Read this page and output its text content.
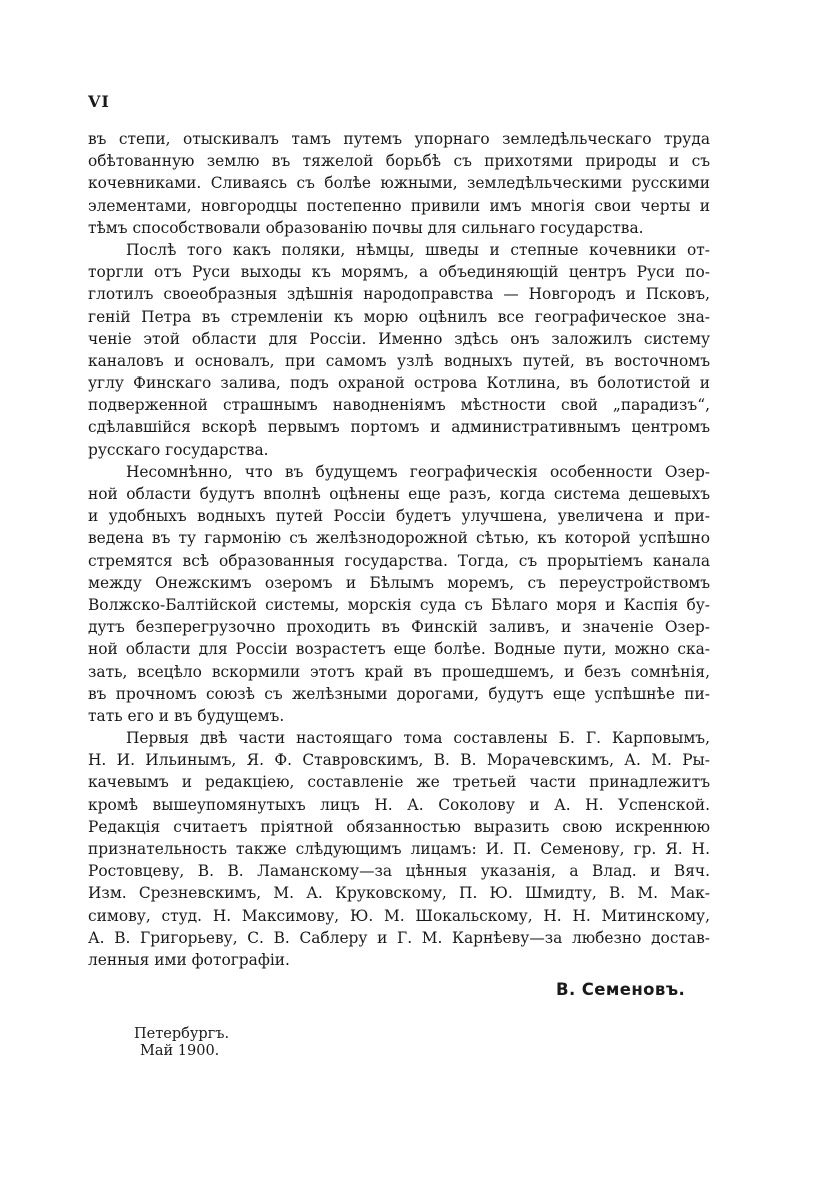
VI
въ степи, отыскивалъ тамъ путемъ упорнаго земледѣльческаго труда
обѣтованную землю въ тяжелой борьбѣ съ прихотями природы и съ
кочевниками. Сливаясь съ болѣе южными, земледѣльческими русскими
элементами, новгородцы постепенно привили имъ многія свои черты и
тѣмъ способствовали образованію почвы для сильнаго государства.
Послѣ того какъ поляки, нѣмцы, шведы и степные кочевники от-
торгли отъ Руси выходы къ морямъ, а объединяющій центръ Руси по-
глотилъ своеобразныя здѣшнія народоправства — Новгородъ и Псковъ,
геній Петра въ стремленіи къ морю оцѣнилъ все географическое зна-
ченіе этой области для Россіи. Именно здѣсь онъ заложилъ систему
каналовъ и основалъ, при самомъ узлѣ водныхъ путей, въ восточномъ
углу Финскаго залива, подъ охраной острова Котлина, въ болотистой и
подверженной страшнымъ наводненіямъ мѣстности свой „парадизъ“,
сдѣлавшійся вскорѣ первымъ портомъ и административнымъ центромъ
русскаго государства.
Несомнѣнно, что въ будущемъ географическія особенности Озер-
ной области будутъ вполнѣ оцѣнены еще разъ, когда система дешевыхъ
и удобныхъ водныхъ путей Россіи будетъ улучшена, увеличена и при-
ведена въ ту гармонію съ желѣзнодорожной сѣтью, къ которой успѣшно
стремятся всѣ образованныя государства. Тогда, съ прорытіемъ канала
между Онежскимъ озеромъ и Бѣлымъ моремъ, съ переустройствомъ
Волжско-Балтійской системы, морскія суда съ Бѣлаго моря и Каспія бу-
дутъ безперегрузочно проходить въ Финскій заливъ, и значеніе Озер-
ной области для Россіи возрастетъ еще болѣе. Водные пути, можно ска-
зать, всецѣло вскормили этотъ край въ прошедшемъ, и безъ сомнѣнія,
въ прочномъ союзѣ съ желѣзными дорогами, будутъ еще успѣшнѣе пи-
тать его и въ будущемъ.
Первыя двѣ части настоящаго тома составлены Б. Г. Карповымъ,
Н. И. Ильинымъ, Я. Ф. Ставровскимъ, В. В. Морачевскимъ, А. М. Ры-
качевымъ и редакціею, составленіе же третьей части принадлежитъ
кромѣ вышеупомянутыхъ лицъ Н. А. Соколову и А. Н. Успенской.
Редакція считаетъ пріятной обязанностью выразить свою искреннюю
признательность также слѣдующимъ лицамъ: И. П. Семенову, гр. Я. Н.
Ростовцеву, В. В. Ламанскому—за цѣнныя указанія, а Влад. и Вяч.
Изм. Срезневскимъ, М. А. Круковскому, П. Ю. Шмидту, В. М. Мак-
симову, студ. Н. Максимову, Ю. М. Шокальскому, Н. Н. Митинскому,
А. В. Григорьеву, С. В. Саблеру и Г. М. Карнѣеву—за любезно достав-
ленныя ими фотографіи.
В. Семеновъ.
Петербургъ.
Май 1900.
